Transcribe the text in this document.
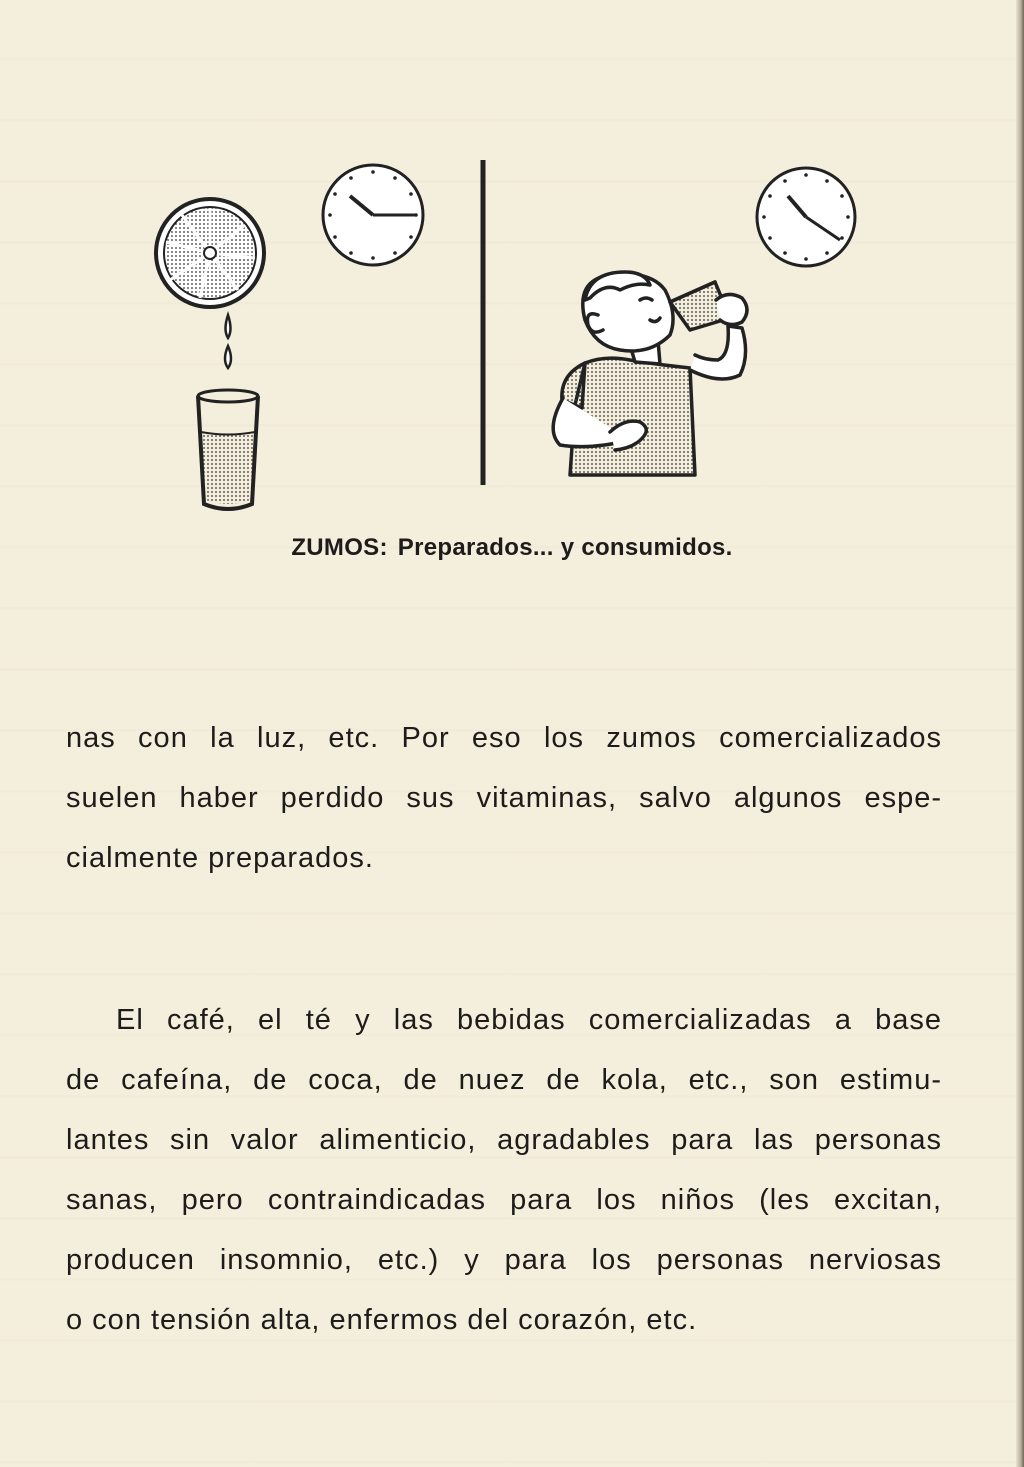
ZUMOS: Preparados... y consumidos.
nas con la luz, etc. Por eso los zumos comercializados
suelen haber perdido sus vitaminas, salvo algunos espe-
cialmente preparados.
El café, el té y las bebidas comercializadas a base
de cafeína, de coca, de nuez de kola, etc., son estimu-
lantes sin valor alimenticio, agradables para las personas
sanas, pero contraindicadas para los niños (les excitan,
producen insomnio, etc.) y para los personas nerviosas
o con tensión alta, enfermos del corazón, etc.
